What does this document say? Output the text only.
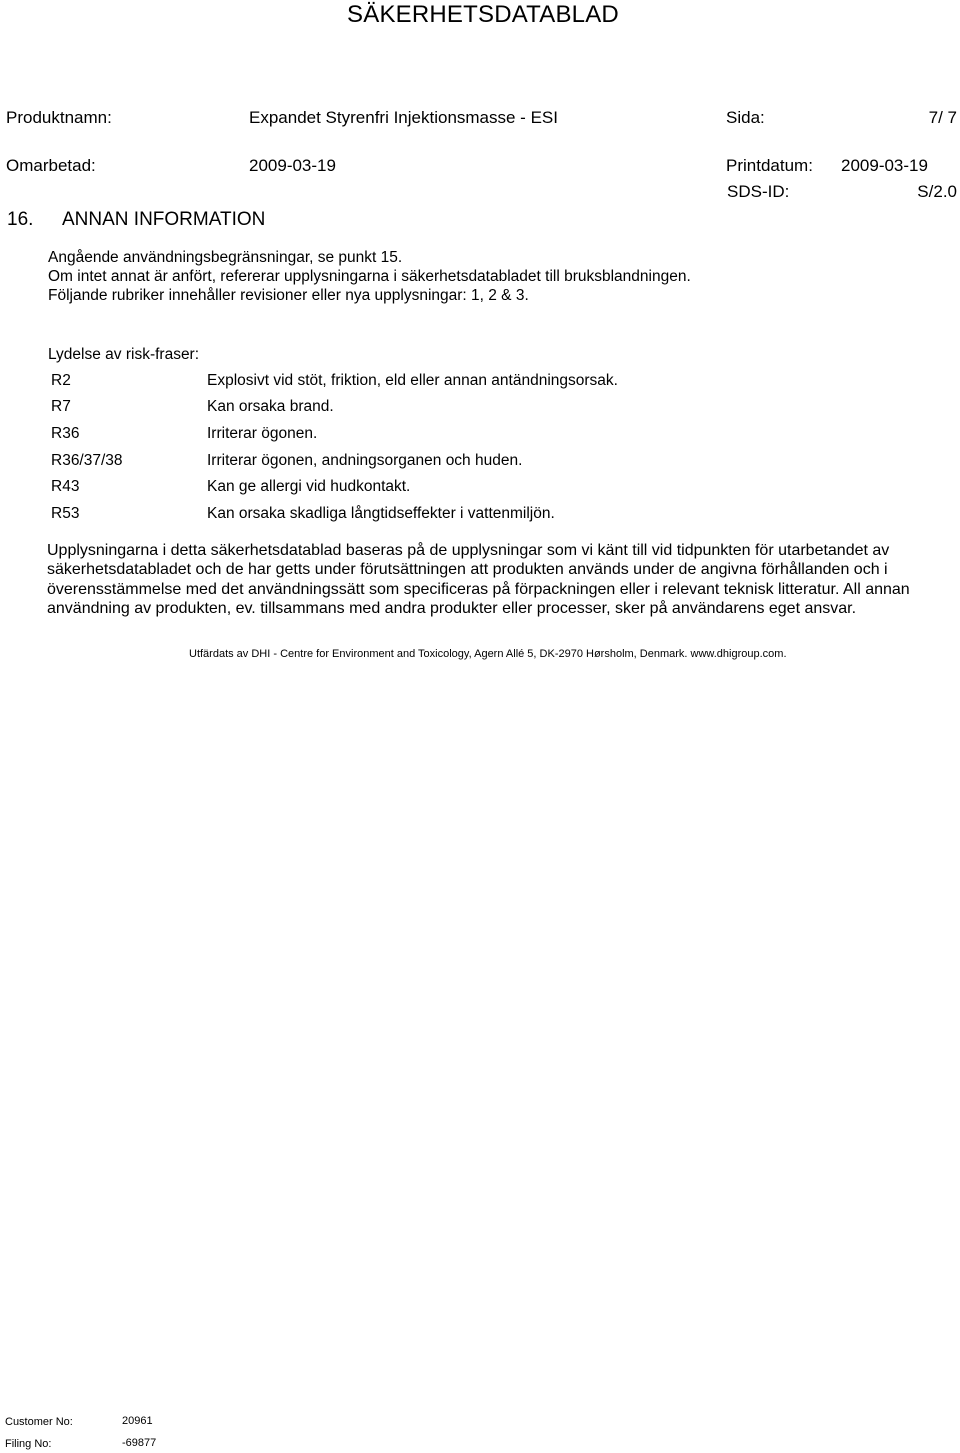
SÄKERHETSDATABLAD
Produktnamn:	Expandet Styrenfri Injektionsmasse - ESI	Sida:	7/ 7
Omarbetad:	2009-03-19	Printdatum: 2009-03-19
SDS-ID:	S/2.0
16. ANNAN INFORMATION
Angående användningsbegränsningar, se punkt 15.
Om intet annat är anfört, refererar upplysningarna i säkerhetsdatabladet till bruksblandningen.
Följande rubriker innehåller revisioner eller nya upplysningar: 1, 2 & 3.
Lydelse av risk-fraser:
R2	Explosivt vid stöt, friktion, eld eller annan antändningsorsak.
R7	Kan orsaka brand.
R36	Irriterar ögonen.
R36/37/38	Irriterar ögonen, andningsorganen och huden.
R43	Kan ge allergi vid hudkontakt.
R53	Kan orsaka skadliga långtidseffekter i vattenmiljön.
Upplysningarna i detta säkerhetsdatablad baseras på de upplysningar som vi känt till vid tidpunkten för utarbetandet av säkerhetsdatabladet och de har getts under förutsättningen att produkten används under de angivna förhållanden och i överensstämmelse med det användningssätt som specificeras på förpackningen eller i relevant teknisk litteratur. All annan användning av produkten, ev. tillsammans med andra produkter eller processer, sker på användarens eget ansvar.
Utfärdats av DHI - Centre for Environment and Toxicology, Agern Allé 5, DK-2970 Hørsholm, Denmark. www.dhigroup.com.
Customer No:	20961
Filing No:	-69877
